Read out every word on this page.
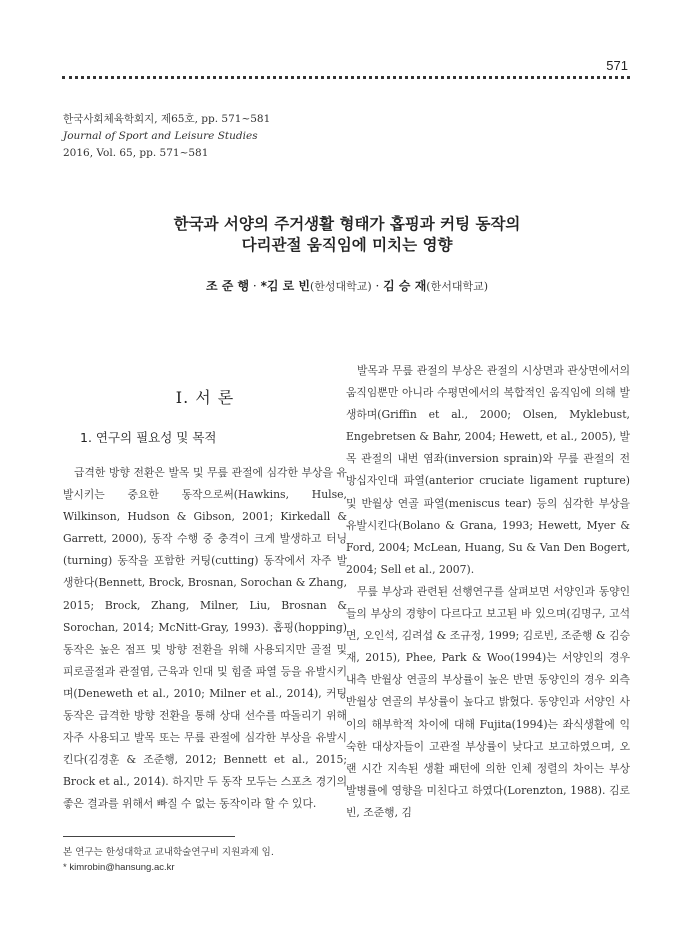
571
한국사회체육학회지, 제65호, pp. 571~581
Journal of Sport and Leisure Studies
2016, Vol. 65, pp. 571~581
한국과 서양의 주거생활 형태가 홉핑과 커팅 동작의
다리관절 움직임에 미치는 영향
조 준 행 · *김 로 빈(한성대학교) · 김 승 재(한서대학교)
Ⅰ. 서 론
1. 연구의 필요성 및 목적

급격한 방향 전환은 발목 및 무릎 관절에 심각한 부상을 유발시키는 중요한 동작으로써(Hawkins, Hulse, Wilkinson, Hudson & Gibson, 2001; Kirkedall & Garrett, 2000), 동작 수행 중 충격이 크게 발생하고 터닝(turning) 동작을 포함한 커팅(cutting) 동작에서 자주 발생한다(Bennett, Brock, Brosnan, Sorochan & Zhang, 2015; Brock, Zhang, Milner, Liu, Brosnan & Sorochan, 2014; McNitt-Gray, 1993). 홉핑(hopping) 동작은 높은 점프 및 방향 전환을 위해 사용되지만 골절 및 피로골절과 관절염, 근육과 인대 및 힘줄 파열 등을 유발시키며(Deneweth et al., 2010; Milner et al., 2014), 커팅 동작은 급격한 방향 전환을 통해 상대 선수를 따돌리기 위해 자주 사용되고 발목 또는 무릎 관절에 심각한 부상을 유발시킨다(김경훈 & 조준행, 2012; Bennett et al., 2015; Brock et al., 2014). 하지만 두 동작 모두는 스포츠 경기의 좋은 결과를 위해서 빠질 수 없는 동작이라 할 수 있다.

발목과 무릎 관절의 부상은 관절의 시상면과 관상면에서의 움직임뿐만 아니라 수평면에서의 복합적인 움직임에 의해 발생하며(Griffin et al., 2000; Olsen, Myklebust, Engebretsen & Bahr, 2004; Hewett, et al., 2005), 발목 관절의 내번 염좌(inversion sprain)와 무릎 관절의 전방십자인대 파열(anterior cruciate ligament rupture) 및 반월상 연골 파열(meniscus tear) 등의 심각한 부상을 유발시킨다(Bolano & Grana, 1993; Hewett, Myer & Ford, 2004; McLean, Huang, Su & Van Den Bogert, 2004; Sell et al., 2007).

무릎 부상과 관련된 선행연구를 살펴보면 서양인과 동양인들의 부상의 경향이 다르다고 보고된 바 있으며(김명구, 고석면, 오인석, 김려섭 & 조규정, 1999; 김로빈, 조준행 & 김승재, 2015), Phee, Park & Woo(1994)는 서양인의 경우 내측 반월상 연골의 부상률이 높은 반면 동양인의 경우 외측 반월상 연골의 부상률이 높다고 밝혔다. 동양인과 서양인 사이의 해부학적 차이에 대해 Fujita(1994)는 좌식생활에 익숙한 대상자들이 고관절 부상률이 낮다고 보고하였으며, 오랜 시간 지속된 생활 패턴에 의한 인체 정렬의 차이는 부상 발병률에 영향을 미친다고 하였다(Lorenzton, 1988). 김로빈, 조준행, 김

본 연구는 한성대학교 교내학술연구비 지원과제 임.
* kimrobin@hansung.ac.kr
